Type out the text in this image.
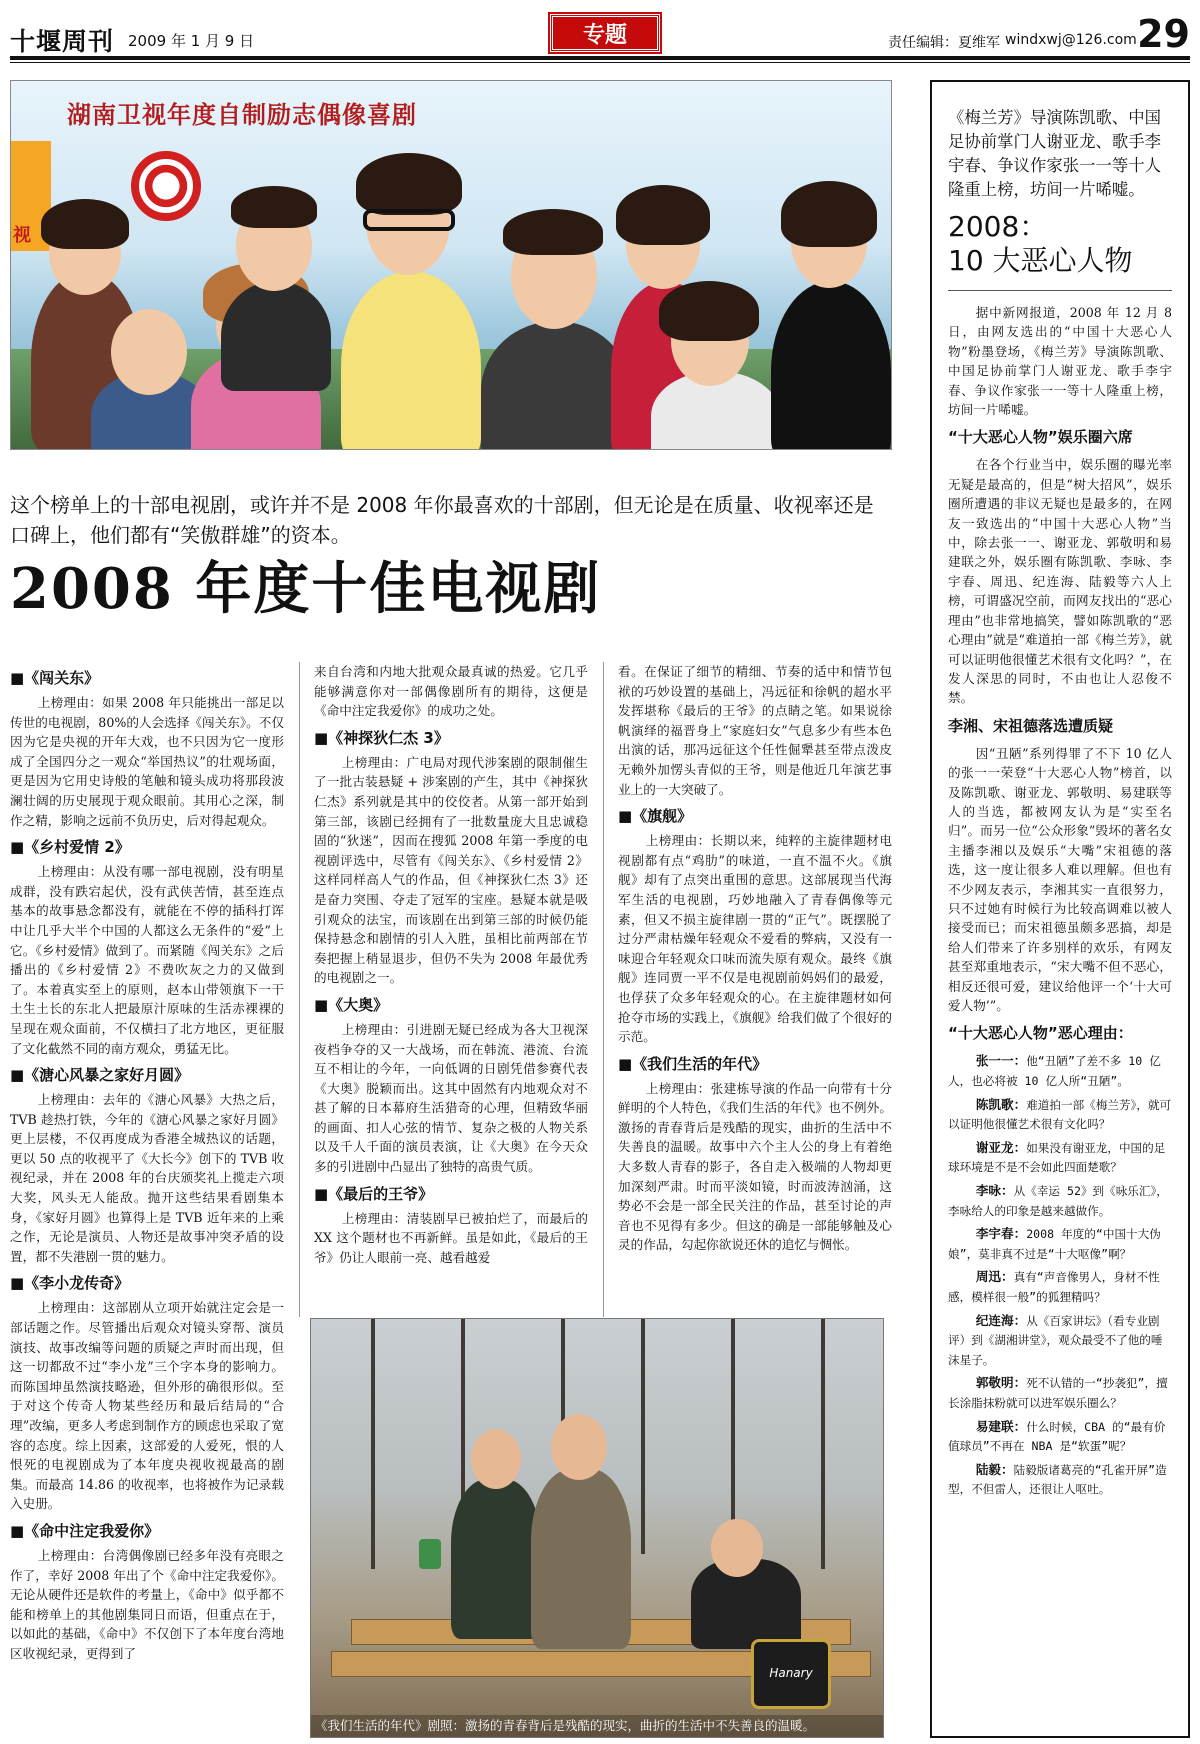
十堰周刊 2009 年 1 月 9 日	专题	责任编辑：夏维军 windxwj@126.com 29
湖南卫视年度自制励志偶像喜剧
视
这个榜单上的十部电视剧，或许并不是 2008 年你最喜欢的十部剧，但无论是在质量、收视率还是口碑上，他们都有“笑傲群雄”的资本。
2008 年度十佳电视剧
■《闯关东》
上榜理由：如果 2008 年只能挑出一部足以传世的电视剧，80%的人会选择《闯关东》。不仅因为它是央视的开年大戏，也不只因为它一度形成了全国四分之一观众“举国热议”的壮观场面，更是因为它用史诗般的笔触和镜头成功将那段波澜壮阔的历史展现于观众眼前。其用心之深，制作之精，影响之远前不负历史，后对得起观众。
■《乡村爱情 2》
上榜理由：从没有哪一部电视剧，没有明星成群，没有跌宕起伏，没有武侠苦情，甚至连点基本的故事悬念都没有，就能在不停的插科打诨中让几乎大半个中国的人都这么无条件的“爱”上它。《乡村爱情》做到了。而紧随《闯关东》之后播出的《乡村爱情 2》不费吹灰之力的又做到了。本着真实至上的原则，赵本山带领旗下一干土生土长的东北人把最原汁原味的生活赤裸裸的呈现在观众面前，不仅横扫了北方地区，更征服了文化截然不同的南方观众，勇猛无比。
■《溏心风暴之家好月圆》
上榜理由：去年的《溏心风暴》大热之后，TVB 趁热打铁，今年的《溏心风暴之家好月圆》更上层楼，不仅再度成为香港全城热议的话题，更以 50 点的收视平了《大长今》创下的 TVB 收视纪录，并在 2008 年的台庆颁奖礼上揽走六项大奖，风头无人能敌。抛开这些结果看剧集本身，《家好月圆》也算得上是 TVB 近年来的上乘之作，无论是演员、人物还是故事冲突矛盾的设置，都不失港剧一贯的魅力。
■《李小龙传奇》
上榜理由：这部剧从立项开始就注定会是一部话题之作。尽管播出后观众对镜头穿帮、演员演技、故事改编等问题的质疑之声时而出现，但这一切都敌不过“李小龙”三个字本身的影响力。而陈国坤虽然演技略逊，但外形的确很形似。至于对这个传奇人物某些经历和最后结局的“合理”改编，更多人考虑到制作方的顾虑也采取了宽容的态度。综上因素，这部爱的人爱死，恨的人恨死的电视剧成为了本年度央视收视最高的剧集。而最高 14.86 的收视率，也将被作为记录载入史册。
■《命中注定我爱你》
上榜理由：台湾偶像剧已经多年没有亮眼之作了，幸好 2008 年出了个《命中注定我爱你》。无论从硬件还是软件的考量上，《命中》似乎都不能和榜单上的其他剧集同日而语，但重点在于，以如此的基础，《命中》不仅创下了本年度台湾地区收视纪录，更得到了
来自台湾和内地大批观众最真诚的热爱。它几乎能够满意你对一部偶像剧所有的期待，这便是《命中注定我爱你》的成功之处。
■《神探狄仁杰 3》
上榜理由：广电局对现代涉案剧的限制催生了一批古装悬疑 + 涉案剧的产生，其中《神探狄仁杰》系列就是其中的佼佼者。从第一部开始到第三部，该剧已经拥有了一批数量庞大且忠诚稳固的“狄迷”，因而在搜狐 2008 年第一季度的电视剧评选中，尽管有《闯关东》、《乡村爱情 2》这样同样高人气的作品，但《神探狄仁杰 3》还是奋力突围、夺走了冠军的宝座。悬疑本就是吸引观众的法宝，而该剧在出到第三部的时候仍能保持悬念和剧情的引人入胜，虽相比前两部在节奏把握上稍显退步，但仍不失为 2008 年最优秀的电视剧之一。
■《大奥》
上榜理由：引进剧无疑已经成为各大卫视深夜档争夺的又一大战场，而在韩流、港流、台流互不相让的今年，一向低调的日剧凭借参赛代表《大奥》脱颖而出。这其中固然有内地观众对不甚了解的日本幕府生活猎奇的心理，但精致华丽的画面、扣人心弦的情节、复杂之极的人物关系以及千人千面的演员表演，让《大奥》在今天众多的引进剧中凸显出了独特的高贵气质。
■《最后的王爷》
上榜理由：清装剧早已被拍烂了，而最后的 XX 这个题材也不再新鲜。虽是如此，《最后的王爷》仍让人眼前一亮、越看越爱
看。在保证了细节的精细、节奏的适中和情节包袱的巧妙设置的基础上，冯远征和徐帆的超水平发挥堪称《最后的王爷》的点睛之笔。如果说徐帆演绎的福晋身上“家庭妇女”气息多少有些本色出演的话，那冯远征这个任性倔犟甚至带点泼皮无赖外加愣头青似的王爷，则是他近几年演艺事业上的一大突破了。
■《旗舰》
上榜理由：长期以来，纯粹的主旋律题材电视剧都有点“鸡肋”的味道，一直不温不火。《旗舰》却有了点突出重围的意思。这部展现当代海军生活的电视剧，巧妙地融入了青春偶像等元素，但又不损主旋律剧一贯的“正气”。既摆脱了过分严肃枯燥年轻观众不爱看的弊病，又没有一味迎合年轻观众口味而流失原有观众。最终《旗舰》连同贾一平不仅是电视剧前妈妈们的最爱，也俘获了众多年轻观众的心。在主旋律题材如何抢夺市场的实践上，《旗舰》给我们做了个很好的示范。
■《我们生活的年代》
上榜理由：张建栋导演的作品一向带有十分鲜明的个人特色，《我们生活的年代》也不例外。激扬的青春背后是残酷的现实，曲折的生活中不失善良的温暖。故事中六个主人公的身上有着绝大多数人青春的影子，各自走入极端的人物却更加深刻严肃。时而平淡如镜，时而波涛汹涌，这势必不会是一部全民关注的作品，甚至讨论的声音也不见得有多少。但这的确是一部能够触及心灵的作品，勾起你欲说还休的追忆与惆怅。
Hanary
《我们生活的年代》剧照：激扬的青春背后是残酷的现实，曲折的生活中不失善良的温暖。
《梅兰芳》导演陈凯歌、中国足协前掌门人谢亚龙、歌手李宇春、争议作家张一一等十人隆重上榜，坊间一片唏嘘。
2008：
10 大恶心人物
据中新网报道，2008 年 12 月 8 日，由网友选出的“中国十大恶心人物”粉墨登场，《梅兰芳》导演陈凯歌、中国足协前掌门人谢亚龙、歌手李宇春、争议作家张一一等十人隆重上榜，坊间一片唏嘘。
“十大恶心人物”娱乐圈六席
在各个行业当中，娱乐圈的曝光率无疑是最高的，但是“树大招风”，娱乐圈所遭遇的非议无疑也是最多的，在网友一致选出的“中国十大恶心人物”当中，除去张一一、谢亚龙、郭敬明和易建联之外，娱乐圈有陈凯歌、李咏、李宇春、周迅、纪连海、陆毅等六人上榜，可谓盛况空前，而网友找出的“恶心理由”也非常地搞笑，譬如陈凯歌的“恶心理由”就是“难道拍一部《梅兰芳》，就可以证明他很懂艺术很有文化吗？”，在发人深思的同时，不由也让人忍俊不禁。
李湘、宋祖德落选遭质疑
因“丑陋”系列得罪了不下 10 亿人的张一一荣登“十大恶心人物”榜首，以及陈凯歌、谢亚龙、郭敬明、易建联等人的当选，都被网友认为是“实至名归”。而另一位“公众形象”毁坏的著名女主播李湘以及娱乐“大嘴”宋祖德的落选，这一度让很多人难以理解。但也有不少网友表示，李湘其实一直很努力，只不过她有时候行为比较高调难以被人接受而已；而宋祖德虽颇多恶搞，却是给人们带来了许多别样的欢乐，有网友甚至郑重地表示，“宋大嘴不但不恶心，相反还很可爱，建议给他评一个‘十大可爱人物’”。
“十大恶心人物”恶心理由：
张一一：他“丑陋”了差不多 10 亿人，也必将被 10 亿人所“丑陋”。
陈凯歌：难道拍一部《梅兰芳》，就可以证明他很懂艺术很有文化吗？
谢亚龙：如果没有谢亚龙，中国的足球环境是不是不会如此四面楚歌？
李咏：从《幸运 52》到《咏乐汇》，李咏给人的印象是越来越做作。
李宇春：2008 年度的“中国十大伪娘”，莫非真不过是“十大呕像”啊？
周迅：真有“声音像男人，身材不性感，模样很一般”的狐狸精吗？
纪连海：从《百家讲坛》（看专业剧评）到《湖湘讲堂》，观众最受不了他的唾沫星子。
郭敬明：死不认错的一“抄袭犯”，擅长涂脂抹粉就可以进军娱乐圈么？
易建联：什么时候，CBA 的“最有价值球员”不再在 NBA 是“软蛋”呢？
陆毅：陆毅版诸葛亮的“孔雀开屏”造型，不但雷人，还很让人呕吐。
